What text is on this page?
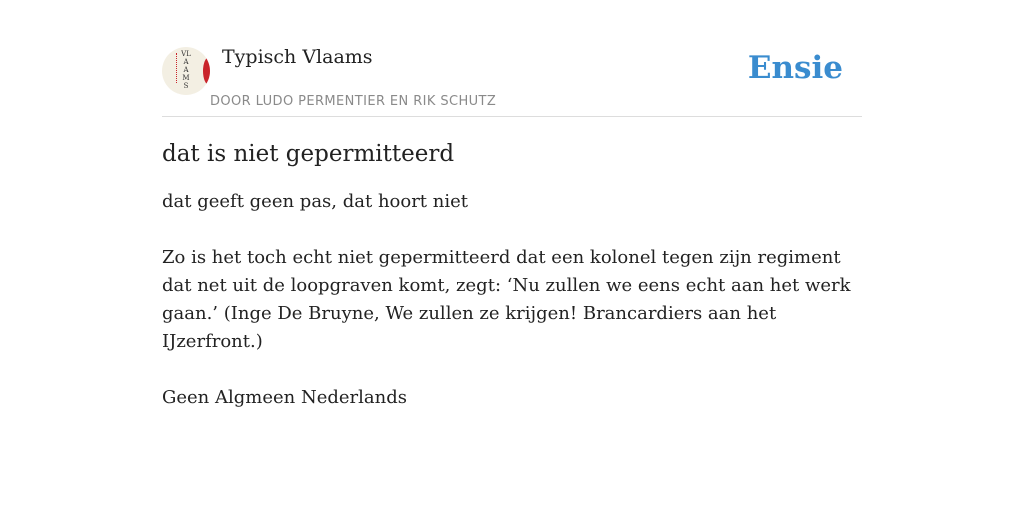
VLAAMS
Typisch Vlaams
DOOR LUDO PERMENTIER EN RIK SCHUTZ
Ensie
dat is niet gepermitteerd

dat geeft geen pas, dat hoort niet

Zo is het toch echt niet gepermitteerd dat een kolonel tegen zijn regiment dat net uit de loopgraven komt, zegt: ‘Nu zullen we eens echt aan het werk gaan.’ (Inge De Bruyne, We zullen ze krijgen! Brancardiers aan het IJzerfront.)

Geen Algmeen Nederlands
